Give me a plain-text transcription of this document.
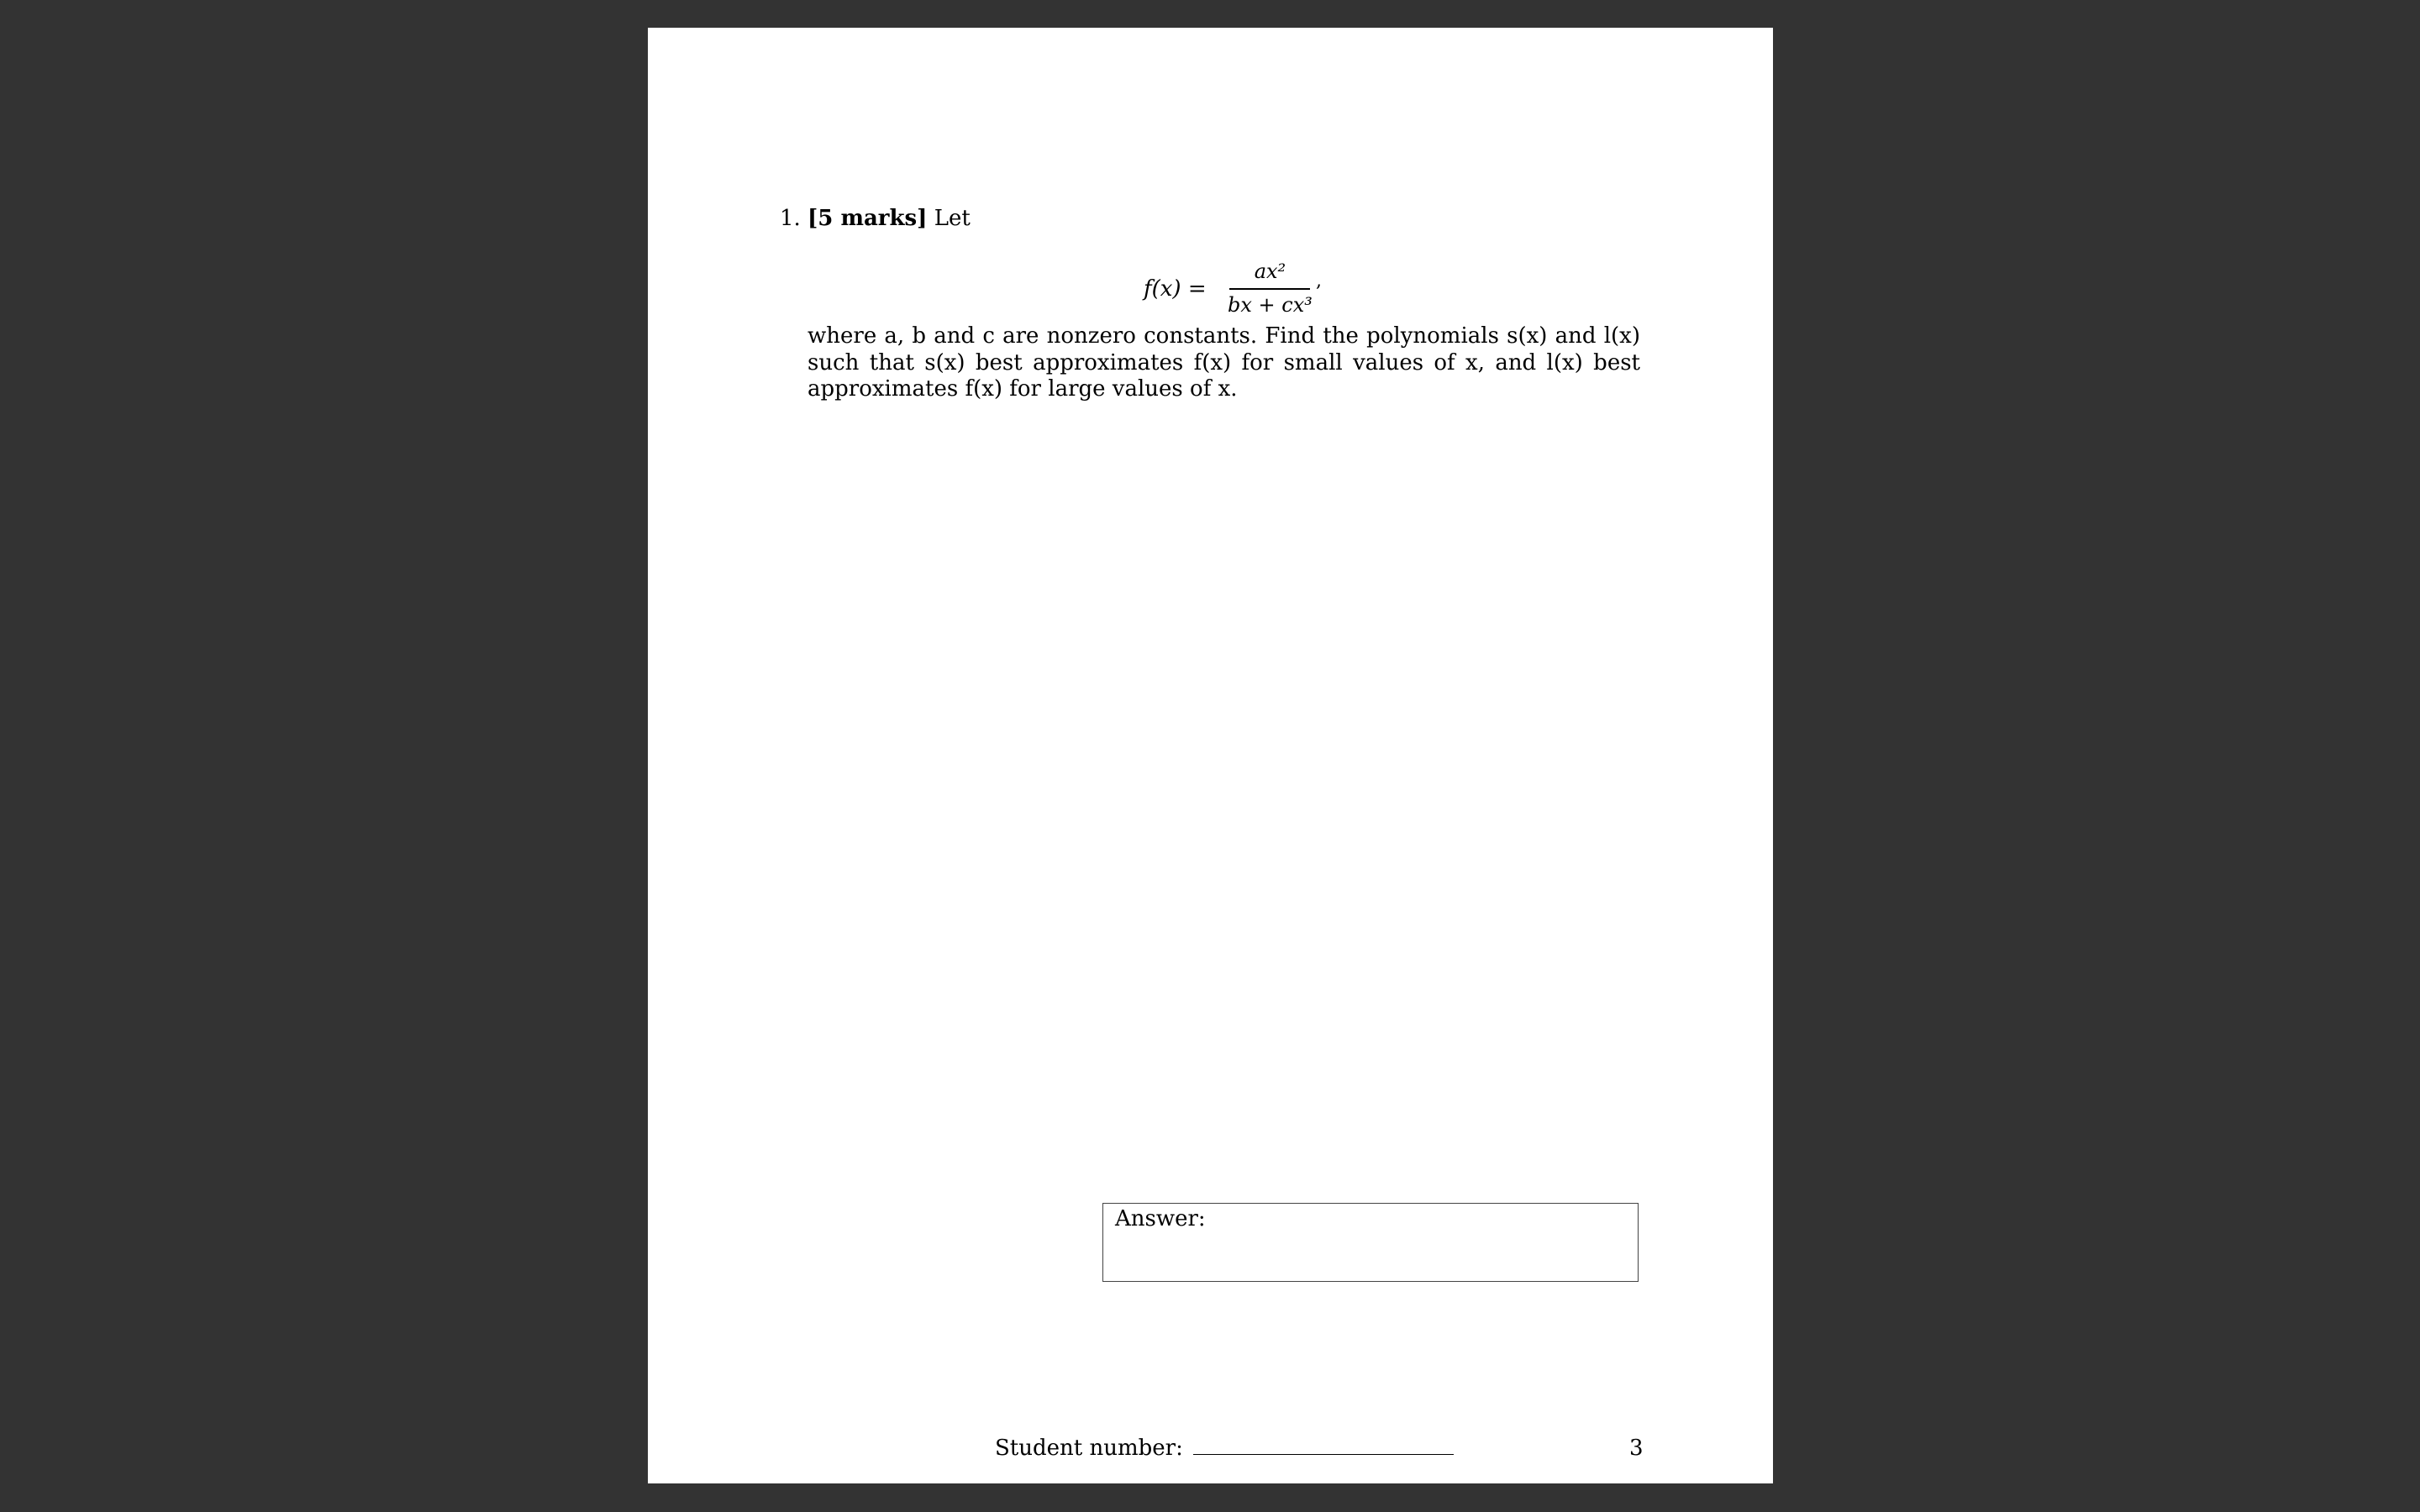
1. [5 marks] Let
f(x) =
ax²
bx + cx³
,
where a, b and c are nonzero constants. Find the polynomials s(x) and l(x) such that s(x) best approximates f(x) for small values of x, and l(x) best approximates f(x) for large values of x.
Answer:
Student number:	3
